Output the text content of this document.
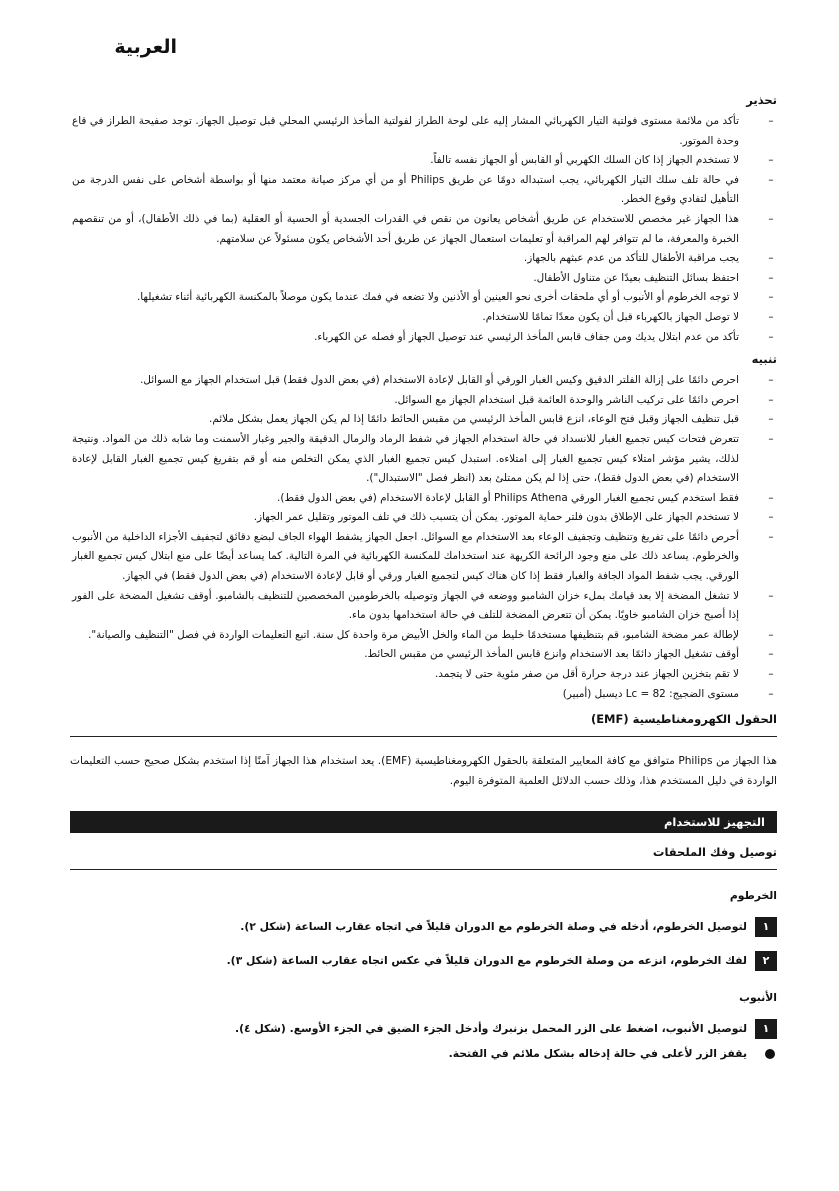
العربية

تحذير

–
تأكد من ملائمة مستوى فولتية التيار الكهربائي المشار إليه على لوحة الطراز لفولتية المأخذ الرئيسي المحلي قبل توصيل الجهاز. توجد صفيحة الطراز في قاع وحدة الموتور.
–
لا تستخدم الجهاز إذا كان السلك الكهربي أو القابس أو الجهاز نفسه تالفاً.
–
في حالة تلف سلك التيار الكهربائي، يجب استبداله دومًا عن طريق Philips أو من أي مركز صيانة معتمد منها أو بواسطة أشخاص على نفس الدرجة من التأهيل لتفادي وقوع الخطر.
–
هذا الجهاز غير مخصص للاستخدام عن طريق أشخاص يعانون من نقص في القدرات الجسدية أو الحسية أو العقلية (بما في ذلك الأطفال)، أو من تنقصهم الخبرة والمعرفة، ما لم تتوافر لهم المراقبة أو تعليمات استعمال الجهاز عن طريق أحد الأشخاص يكون مسئولاً عن سلامتهم.
–
يجب مراقبة الأطفال للتأكد من عدم عبثهم بالجهاز.
–
احتفظ بسائل التنظيف بعيدًا عن متناول الأطفال.
–
لا توجه الخرطوم أو الأنبوب أو أي ملحقات أخرى نحو العينين أو الأذنين ولا تضعه في فمك عندما يكون موصلاً بالمكنسة الكهربائية أثناء تشغيلها.
–
لا توصل الجهاز بالكهرباء قبل أن يكون معدًا تمامًا للاستخدام.
–
تأكد من عدم ابتلال يديك ومن جفاف قابس المأخذ الرئيسي عند توصيل الجهاز أو فصله عن الكهرباء.

تنبيه

–
احرص دائمًا على إزالة الفلتر الدقيق وكيس الغبار الورقي أو القابل لإعادة الاستخدام (في بعض الدول فقط) قبل استخدام الجهاز مع السوائل.
–
احرص دائمًا على تركيب الناشر والوحدة العائمة قبل استخدام الجهاز مع السوائل.
–
قبل تنظيف الجهاز وقبل فتح الوعاء، انزع قابس المأخذ الرئيسي من مقبس الحائط دائمًا إذا لم يكن الجهاز يعمل بشكل ملائم.
–
تتعرض فتحات كيس تجميع الغبار للانسداد في حالة استخدام الجهاز في شفط الرماد والرمال الدقيقة والجير وغبار الأسمنت وما شابه ذلك من المواد. ونتيجة لذلك، يشير مؤشر امتلاء كيس تجميع الغبار إلى امتلاءه. استبدل كيس تجميع الغبار الذي يمكن التخلص منه أو قم بتفريغ كيس تجميع الغبار القابل لإعادة الاستخدام (في بعض الدول فقط)، حتى إذا لم يكن ممتلئ بعد (انظر فصل "الاستبدال").
–
فقط استخدم كيس تجميع الغبار الورقي Philips Athena أو القابل لإعادة الاستخدام (في بعض الدول فقط).
–
لا تستخدم الجهاز على الإطلاق بدون فلتر حماية الموتور. يمكن أن يتسبب ذلك في تلف الموتور وتقليل عمر الجهاز.
–
أحرص دائمًا على تفريغ وتنظيف وتجفيف الوعاء بعد الاستخدام مع السوائل. اجعل الجهاز يشفط الهواء الجاف لبضع دقائق لتجفيف الأجزاء الداخلية من الأنبوب والخرطوم. يساعد ذلك على منع وجود الرائحة الكريهة عند استخدامك للمكنسة الكهربائية في المرة التالية. كما يساعد أيضًا على منع ابتلال كيس تجميع الغبار الورقي. يجب شفط المواد الجافة والغبار فقط إذا كان هناك كيس لتجميع الغبار ورقي أو قابل لإعادة الاستخدام (في بعض الدول فقط) في الجهاز.
–
لا تشغل المضخة إلا بعد قيامك بملء خزان الشامبو ووضعه في الجهاز وتوصيله بالخرطومين المخصصين للتنظيف بالشامبو. أوقف تشغيل المضخة على الفور إذا أصبح خزان الشامبو خاويًا. يمكن أن تتعرض المضخة للتلف في حالة استخدامها بدون ماء.
–
لإطالة عمر مضخة الشامبو، قم بتنظيفها مستخدمًا خليط من الماء والخل الأبيض مرة واحدة كل سنة. اتبع التعليمات الواردة في فصل "التنظيف والصيانة".
–
أوقف تشغيل الجهاز دائمًا بعد الاستخدام وانزع قابس المأخذ الرئيسي من مقبس الحائط.
–
لا تقم بتخزين الجهاز عند درجة حرارة أقل من صفر مئوية حتى لا يتجمد.
–
مستوى الضجيج: Lc = 82 ديسبل (أمبير)

الحقول الكهرومغناطيسية (EMF)

هذا الجهاز من Philips متوافق مع كافة المعايير المتعلقة بالحقول الكهرومغناطيسية (EMF). يعد استخدام هذا الجهاز آمنًا إذا استخدم بشكل صحيح حسب التعليمات الواردة في دليل المستخدم هذا، وذلك حسب الدلائل العلمية المتوفرة اليوم.

التجهيز للاستخدام

توصيل وفك الملحقات

الخرطوم

١
لتوصيل الخرطوم، أدخله في وصلة الخرطوم مع الدوران قليلاً في اتجاه عقارب الساعة (شكل ٢).
٢
لفك الخرطوم، انزعه من وصلة الخرطوم مع الدوران قليلاً في عكس اتجاه عقارب الساعة (شكل ٣).

الأنبوب

١
لتوصيل الأنبوب، اضغط على الزر المحمل بزنبرك وأدخل الجزء الضيق في الجزء الأوسع. (شكل ٤).
يقفز الزر لأعلى في حالة إدخاله بشكل ملائم في الفتحة.
